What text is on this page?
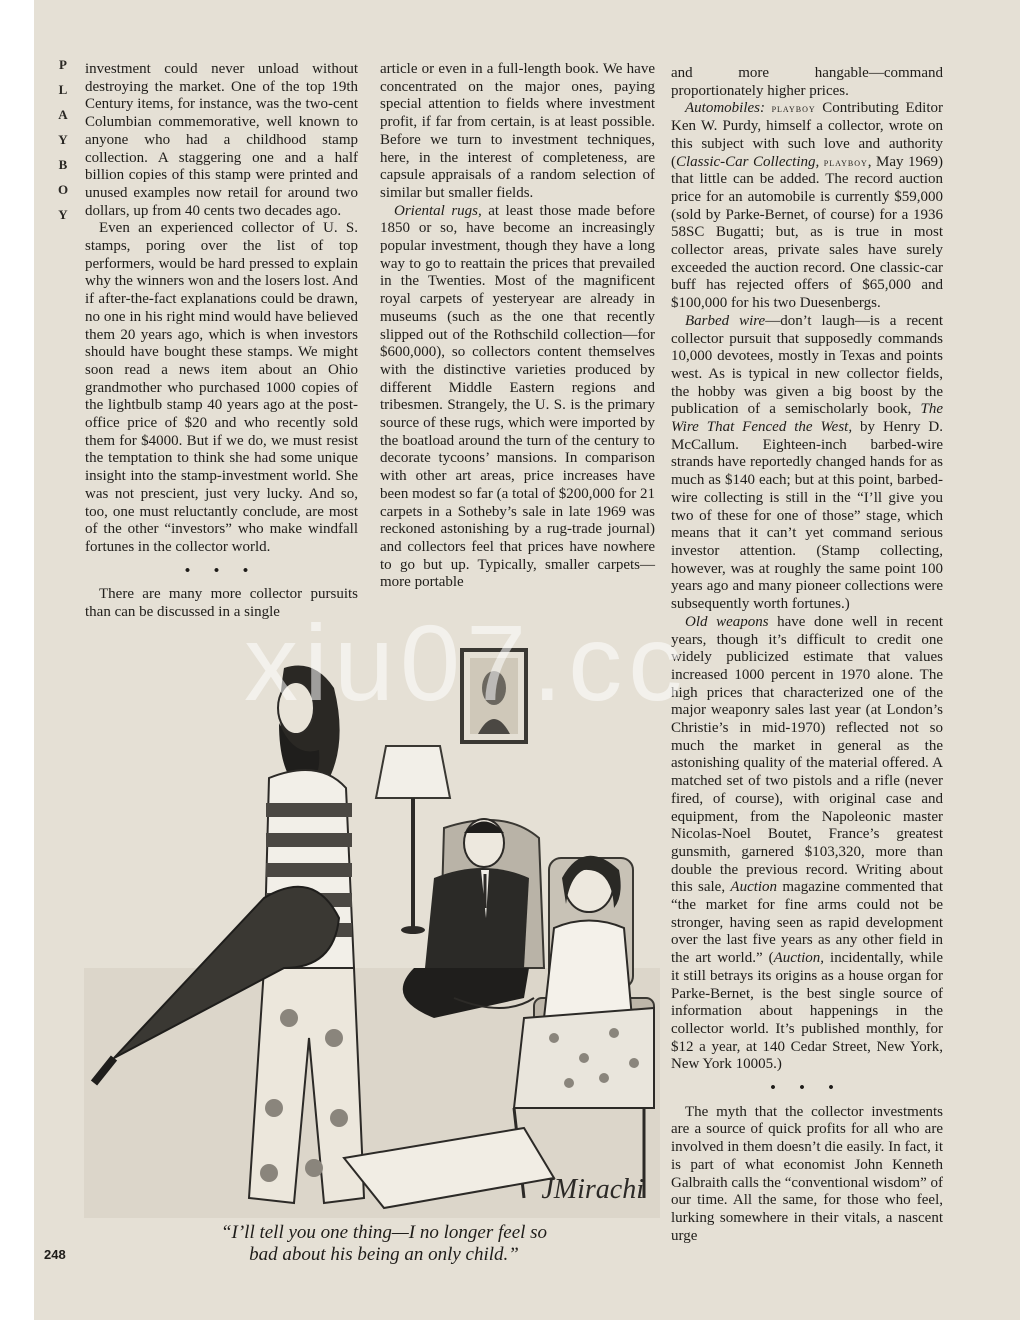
P
L
A
Y
B
O
Y

investment could never unload without destroying the market. One of the top 19th Century items, for instance, was the two-cent Columbian commemorative, well known to anyone who had a childhood stamp collection. A staggering one and a half billion copies of this stamp were printed and unused examples now retail for around two dollars, up from 40 cents two decades ago.

Even an experienced collector of U. S. stamps, poring over the list of top performers, would be hard pressed to explain why the winners won and the losers lost. And if after-the-fact explanations could be drawn, no one in his right mind would have believed them 20 years ago, which is when investors should have bought these stamps. We might soon read a news item about an Ohio grandmother who purchased 1000 copies of the lightbulb stamp 40 years ago at the post-office price of $20 and who recently sold them for $4000. But if we do, we must resist the temptation to think she had some unique insight into the stamp-investment world. She was not prescient, just very lucky. And so, too, one must reluctantly conclude, are most of the other “investors” who make windfall fortunes in the collector world.

• • •

There are many more collector pursuits than can be discussed in a single

article or even in a full-length book. We have concentrated on the major ones, paying special attention to fields where investment profit, if far from certain, is at least possible. Before we turn to investment techniques, here, in the interest of completeness, are capsule appraisals of a random selection of similar but smaller fields.

Oriental rugs, at least those made before 1850 or so, have become an increasingly popular investment, though they have a long way to go to reattain the prices that prevailed in the Twenties. Most of the magnificent royal carpets of yesteryear are already in museums (such as the one that recently slipped out of the Rothschild collection—for $600,000), so collectors content themselves with the distinctive varieties produced by different Middle Eastern regions and tribesmen. Strangely, the U. S. is the primary source of these rugs, which were imported by the boatload around the turn of the century to decorate tycoons’ mansions. In comparison with other art areas, price increases have been modest so far (a total of $200,000 for 21 carpets in a Sotheby’s sale in late 1969 was reckoned astonishing by a rug-trade journal) and collectors feel that prices have nowhere to go but up. Typically, smaller carpets—more portable

and more hangable—command proportionately higher prices.

Automobiles: playboy Contributing Editor Ken W. Purdy, himself a collector, wrote on this subject with such love and authority (Classic-Car Collecting, playboy, May 1969) that little can be added. The record auction price for an automobile is currently $59,000 (sold by Parke-Bernet, of course) for a 1936 58SC Bugatti; but, as is true in most collector areas, private sales have surely exceeded the auction record. One classic-car buff has rejected offers of $65,000 and $100,000 for his two Duesenbergs.

Barbed wire—don’t laugh—is a recent collector pursuit that supposedly commands 10,000 devotees, mostly in Texas and points west. As is typical in new collector fields, the hobby was given a big boost by the publication of a semischolarly book, The Wire That Fenced the West, by Henry D. McCallum. Eighteen-inch barbed-wire strands have reportedly changed hands for as much as $140 each; but at this point, barbed-wire collecting is still in the “I’ll give you two of these for one of those” stage, which means that it can’t yet command serious investor attention. (Stamp collecting, however, was at roughly the same point 100 years ago and many pioneer collections were subsequently worth fortunes.)

Old weapons have done well in recent years, though it’s difficult to credit one widely publicized estimate that values increased 1000 percent in 1970 alone. The high prices that characterized one of the major weaponry sales last year (at London’s Christie’s in mid-1970) reflected not so much the market in general as the astonishing quality of the material offered. A matched set of two pistols and a rifle (never fired, of course), with original case and equipment, from the Napoleonic master Nicolas-Noel Boutet, France’s greatest gunsmith, garnered $103,320, more than double the previous record. Writing about this sale, Auction magazine commented that “the market for fine arms could not be stronger, having seen as rapid development over the last five years as any other field in the art world.” (Auction, incidentally, while it still betrays its origins as a house organ for Parke-Bernet, is the best single source of information about happenings in the collector world. It’s published monthly, for $12 a year, at 140 Cedar Street, New York, New York 10005.)

• • •

The myth that the collector investments are a source of quick profits for all who are involved in them doesn’t die easily. In fact, it is part of what economist John Kenneth Galbraith calls the “conventional wisdom” of our time. All the same, for those who feel, lurking somewhere in their vitals, a nascent urge

JMirachi
“I’ll tell you one thing—I no longer feel so
bad about his being an only child.”
248
xiu07.cc
